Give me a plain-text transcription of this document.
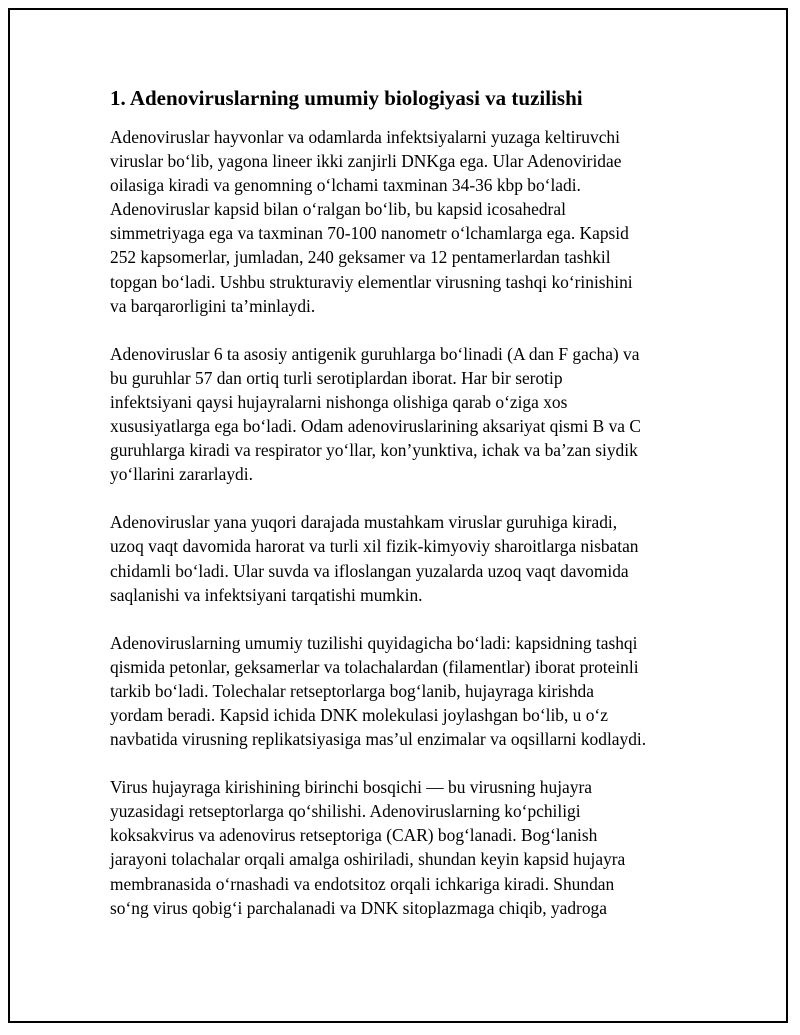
1. Adenoviruslarning umumiy biologiyasi va tuzilishi

Adenoviruslar hayvonlar va odamlarda infektsiyalarni yuzaga keltiruvchi
viruslar bo‘lib, yagona lineer ikki zanjirli DNKga ega. Ular Adenoviridae
oilasiga kiradi va genomning o‘lchami taxminan 34-36 kbp bo‘ladi.
Adenoviruslar kapsid bilan o‘ralgan bo‘lib, bu kapsid icosahedral
simmetriyaga ega va taxminan 70-100 nanometr o‘lchamlarga ega. Kapsid
252 kapsomerlar, jumladan, 240 geksamer va 12 pentamerlardan tashkil
topgan bo‘ladi. Ushbu strukturaviy elementlar virusning tashqi ko‘rinishini
va barqarorligini ta’minlaydi.

Adenoviruslar 6 ta asosiy antigenik guruhlarga bo‘linadi (A dan F gacha) va
bu guruhlar 57 dan ortiq turli serotiplardan iborat. Har bir serotip
infektsiyani qaysi hujayralarni nishonga olishiga qarab o‘ziga xos
xususiyatlarga ega bo‘ladi. Odam adenoviruslarining aksariyat qismi B va C
guruhlarga kiradi va respirator yo‘llar, kon’yunktiva, ichak va ba’zan siydik
yo‘llarini zararlaydi.

Adenoviruslar yana yuqori darajada mustahkam viruslar guruhiga kiradi,
uzoq vaqt davomida harorat va turli xil fizik-kimyoviy sharoitlarga nisbatan
chidamli bo‘ladi. Ular suvda va ifloslangan yuzalarda uzoq vaqt davomida
saqlanishi va infektsiyani tarqatishi mumkin.

Adenoviruslarning umumiy tuzilishi quyidagicha bo‘ladi: kapsidning tashqi
qismida petonlar, geksamerlar va tolachalardan (filamentlar) iborat proteinli
tarkib bo‘ladi. Tolechalar retseptorlarga bog‘lanib, hujayraga kirishda
yordam beradi. Kapsid ichida DNK molekulasi joylashgan bo‘lib, u o‘z
navbatida virusning replikatsiyasiga mas’ul enzimalar va oqsillarni kodlaydi.

Virus hujayraga kirishining birinchi bosqichi — bu virusning hujayra
yuzasidagi retseptorlarga qo‘shilishi. Adenoviruslarning ko‘pchiligi
koksakvirus va adenovirus retseptoriga (CAR) bog‘lanadi. Bog‘lanish
jarayoni tolachalar orqali amalga oshiriladi, shundan keyin kapsid hujayra
membranasida o‘rnashadi va endotsitoz orqali ichkariga kiradi. Shundan
so‘ng virus qobig‘i parchalanadi va DNK sitoplazmaga chiqib, yadroga
